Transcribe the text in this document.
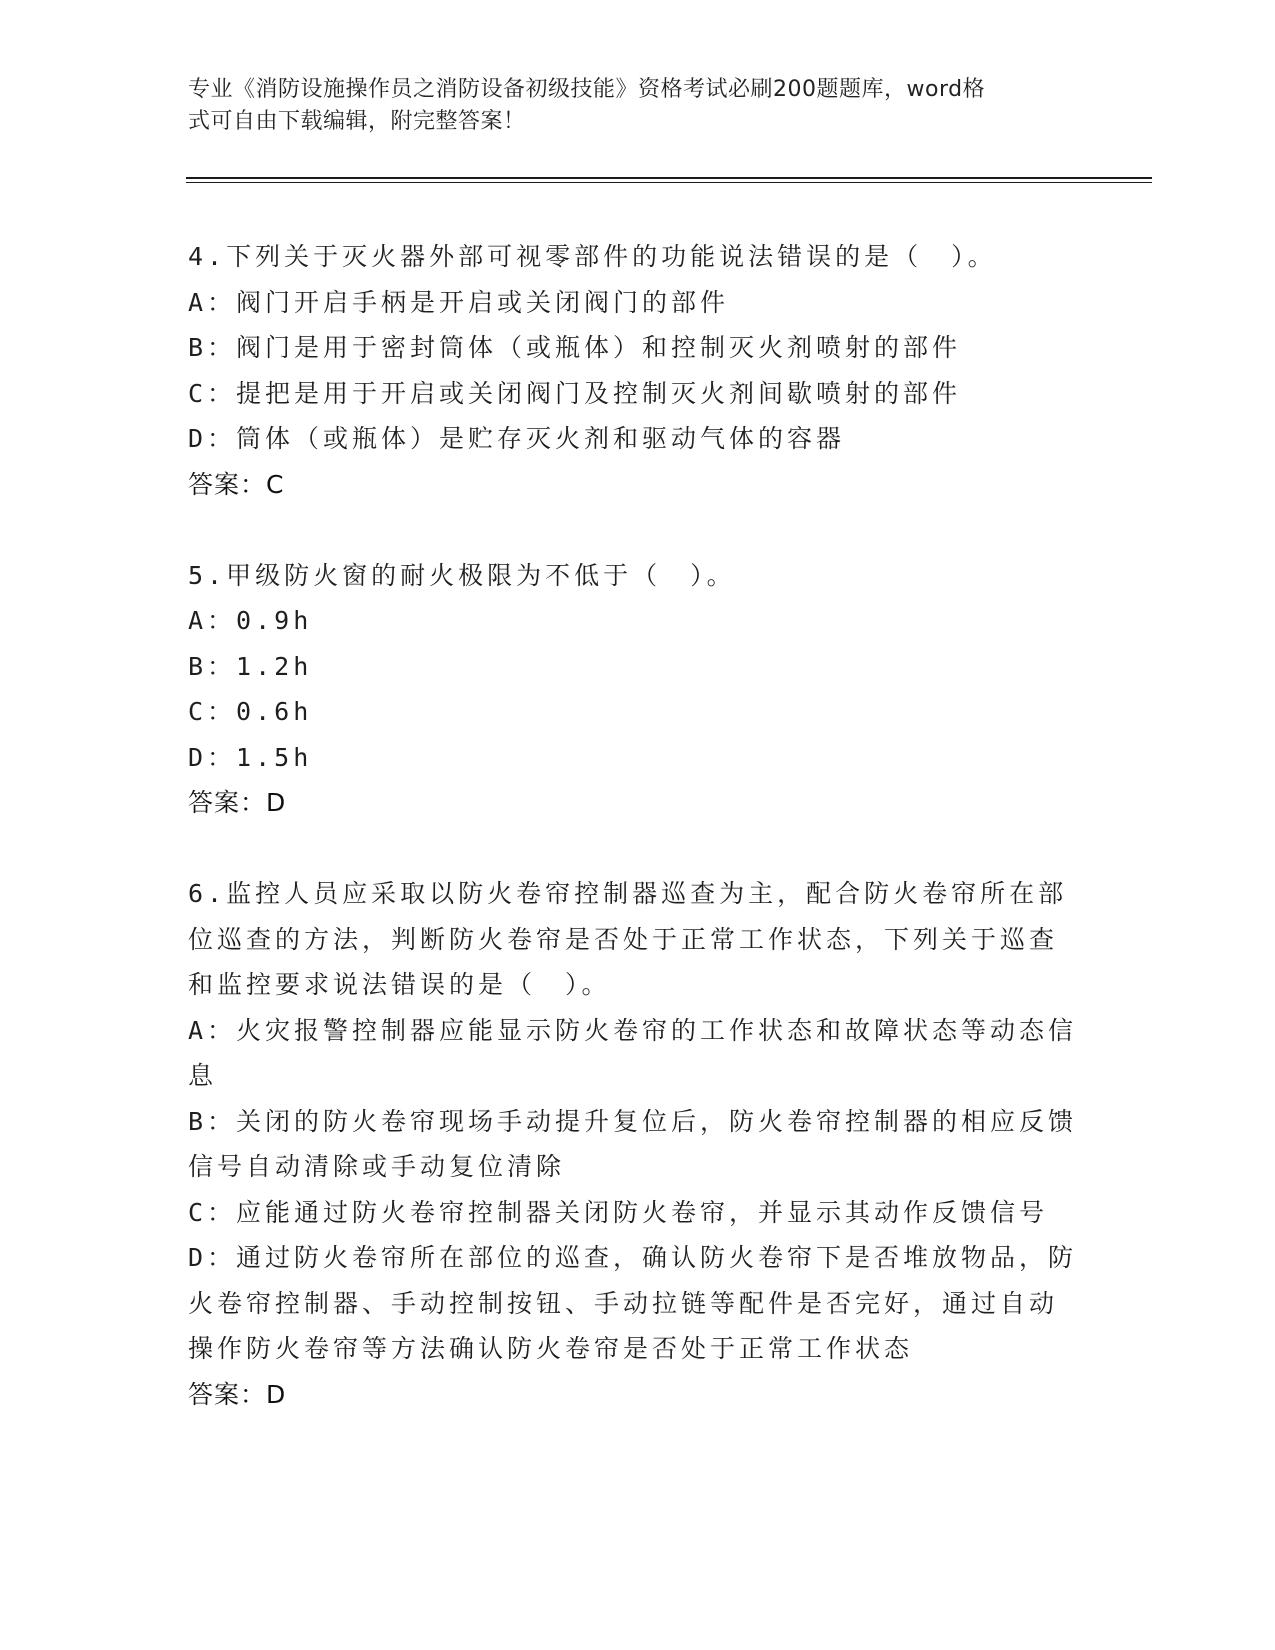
专业《消防设施操作员之消防设备初级技能》资格考试必刷200题题库，word格
式可自由下载编辑，附完整答案！
4.下列关于灭火器外部可视零部件的功能说法错误的是（　）。
A：阀门开启手柄是开启或关闭阀门的部件
B：阀门是用于密封筒体（或瓶体）和控制灭火剂喷射的部件
C：提把是用于开启或关闭阀门及控制灭火剂间歇喷射的部件
D：筒体（或瓶体）是贮存灭火剂和驱动气体的容器
答案：C
5.甲级防火窗的耐火极限为不低于（　）。
A：0.9h
B：1.2h
C：0.6h
D：1.5h
答案：D
6.监控人员应采取以防火卷帘控制器巡查为主，配合防火卷帘所在部
位巡查的方法，判断防火卷帘是否处于正常工作状态，下列关于巡查
和监控要求说法错误的是（　）。
A：火灾报警控制器应能显示防火卷帘的工作状态和故障状态等动态信
息
B：关闭的防火卷帘现场手动提升复位后，防火卷帘控制器的相应反馈
信号自动清除或手动复位清除
C：应能通过防火卷帘控制器关闭防火卷帘，并显示其动作反馈信号
D：通过防火卷帘所在部位的巡查，确认防火卷帘下是否堆放物品，防
火卷帘控制器、手动控制按钮、手动拉链等配件是否完好，通过自动
操作防火卷帘等方法确认防火卷帘是否处于正常工作状态
答案：D
